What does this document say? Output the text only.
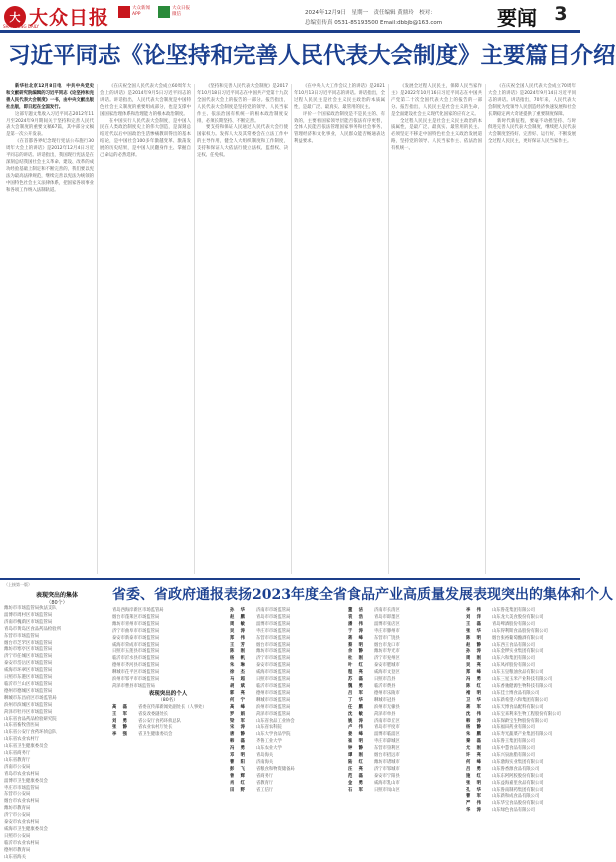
大 大众日报
SHANDONG DAILY
大众新闻 APP
大众日报 微信	2024年12月9日　星期一　责任编辑 黄鼎玲　校对：
总编室传真 0531-85193500 Email:dbbjb@163.com	要闻 3
习近平同志《论坚持和完善人民代表大会制度》主要篇目介绍

新华社北京12月8日电　中共中央党史和文献研究院编辑的习近平同志《论坚持和完善人民代表大会制度》一书，由中央文献出版社出版，即日起在全国发行。

这部专题文集收入习近平同志2012年11月至2024年9月期间关于坚持和完善人民代表大会制度的重要文稿67篇，其中部分文稿是第一次公开发表。

《在首都各界纪念现行宪法公布施行30周年大会上的讲话》是2012年12月4日习近平同志的讲话。讲话指出，我国现行宪法是在深刻总结我国社会主义革命、建设、改革的成功经验基础上制定和不断完善的，我们要以宪法为最高法律规范，继续完善以宪法为统领的中国特色社会主义法律体系，把国家各项事业和各项工作纳入法制轨道。

《在庆祝全国人民代表大会成立60周年大会上的讲话》是2014年9月5日习近平同志的讲话。讲话指出，人民代表大会制度是中国特色社会主义制度的重要组成部分，也是支撑中国国家治理体系和治理能力的根本政治制度。

在中国实行人民代表大会制度，是中国人民在人类政治制度史上的伟大创造，是深刻总结近代以后中国政治生活惨痛教训得出的基本结论，是中国社会100多年激越变革、激荡发展的历史结果，是中国人民翻身作主、掌握自己命运的必然选择。

《坚持和完善人民代表大会制度》是2017年10月18日习近平同志在中国共产党第十九次全国代表大会上的报告的一部分。报告指出，人民代表大会制度是坚持党的领导、人民当家作主、依法治国有机统一的根本政治制度安排，必须长期坚持、不断完善。

要支持和保证人民通过人民代表大会行使国家权力。发挥人大及其常委会在立法工作中的主导作用，健全人大组织制度和工作制度，支持和保证人大依法行使立法权、监督权、决定权、任免权。

《在中央人大工作会议上的讲话》是2021年10月13日习近平同志的讲话。讲话指出，全过程人民民主是社会主义民主政治的本质属性，是最广泛、最真实、最管用的民主。

评价一个国家政治制度是不是民主的、有效的，主要看国家领导层能否依法有序更替，全体人民能否依法管理国家事务和社会事务、管理经济和文化事业，人民群众能否畅通表达利益要求。

《发展全过程人民民主，保障人民当家作主》是2022年10月16日习近平同志在中国共产党第二十次全国代表大会上的报告的一部分。报告指出，人民民主是社会主义的生命，是全面建设社会主义现代化国家的应有之义。

全过程人民民主是社会主义民主政治的本质属性，是最广泛、最真实、最管用的民主。必须坚定不移走中国特色社会主义政治发展道路，坚持党的领导、人民当家作主、依法治国有机统一。

《在庆祝全国人民代表大会成立70周年大会上的讲话》是2024年9月14日习近平同志的讲话。讲话指出，70年来，人民代表大会制度为党领导人民创造经济快速发展和社会长期稳定两大奇迹提供了重要制度保障。

新时代新征程，要毫不动摇坚持、与时俱进完善人民代表大会制度，继续把人民代表大会制度坚持好、完善好、运行好，不断发展全过程人民民主，更好保证人民当家作主。

（上接第一版）
表现突出的集体
（80个）
潍坊市市场监管局执法支队
淄博市周村区市场监管局
济南市槐荫区市场监管局
青岛市黄岛区食品药品检验所
东营市市场监管局
烟台市芝罘区市场监管局
潍坊市寒亭区市场监管局
济宁市任城区市场监管局
泰安市岱岳区市场监管局
威海市环翠区市场监管局
日照市东港区市场监管局
临沂市兰山区市场监管局
德州市德城区市场监管局
聊城市东昌府区市场监管局
滨州市滨城区市场监管局
菏泽市牡丹区市场监管局
山东省食品药品检验研究院
山东省畜牧兽医局
山东省公安厅食药环侦总队
山东省农业农村厅
山东省卫生健康委员会
山东省商务厅
山东省教育厅
济南市公安局
青岛市农业农村局
淄博市卫生健康委员会
枣庄市市场监管局
东营市公安局
烟台市农业农村局
潍坊市教育局
济宁市公安局
泰安市农业农村局
威海市卫生健康委员会
日照市公安局
临沂市农业农村局
德州市教育局
山东省海关
省委、省政府通报表扬2023年度全省食品产业高质量发展表现突出的集体和个人
青岛西海岸新区市场监管局
烟台市蓬莱区市场监管局
潍坊市青州市市场监管局
济宁市曲阜市市场监管局
泰安市新泰市市场监管局
威海市荣成市市场监管局
日照市五莲县市场监管局
临沂市沂水县市场监管局
德州市齐河县市场监管局
聊城市茌平区市场监管局
滨州市邹平市市场监管局
菏泽市曹县市场监管局
表现突出的个人
（80名）
高　磊 省委宣传部新闻处副处长（人事处）
王　军 省发改委副处长
刘　勇 省公安厅食药环侦总队
张　静 省农业农村厅处长
李　强 省卫生健康委员会
孙　华 济南市市场监管局
赵　鹏 青岛市市场监管局
周　敏 淄博市市场监管局
吴　涛 枣庄市市场监管局
郑　伟 东营市市场监管局
王　芳 烟台市市场监管局
陈　刚 潍坊市市场监管局
杨　帆 济宁市市场监管局
朱　琳 泰安市市场监管局
徐　杰 威海市市场监管局
马　超 日照市市场监管局
胡　斌 临沂市市场监管局
郭　亮 德州市市场监管局
何　宁 聊城市市场监管局
高　峰 滨州市市场监管局
罗　娟 菏泽市市场监管局
梁　军 山东省食品工业协会
宋　涛 山东省农科院
唐　静 山东大学食品学院
韩　磊 齐鲁工业大学
冯　勇 山东农业大学
邓　明 青岛海关
曹　阳 济南海关
彭　飞 省粮食和物资储备局
曾　辉 省商务厅
肖　红 省教育厅
田　野 省工信厅
董　洁 济南市长清区
袁　浩 青岛市即墨区
潘　伟 淄博市张店区
于　涛 枣庄市滕州市
蒋　峰 东营市广饶县
蔡　明 烟台市龙口市
余　静 潍坊市寿光市
杜　刚 济宁市兖州区
叶　红 泰安市肥城市
程　亮 威海市文登区
苏　磊 日照市莒县
魏　勇 临沂市费县
吕　军 德州市乐陵市
丁　华 聊城市冠县
任　鹏 滨州市无棣县
沈　敏 菏泽市单县
姚　涛 济南市章丘区
卢　伟 青岛市平度市
姜　峰 淄博市临淄区
崔　明 枣庄市薛城区
钟　静 东营市垦利区
谭　刚 烟台市招远市
陆　红 潍坊市诸城市
汪　亮 济宁市邹城市
范　磊 泰安市宁阳县
金　勇 威海市乳山市
石　军 日照市岚山区
李　伟 山东鲁花集团有限公司
刘　洋 山东龙大美食股份有限公司
王　磊 青岛啤酒股份有限公司
张　华 山东得利斯食品股份有限公司
陈　明 烟台张裕葡萄酿酒有限公司
赵　静 山东西王食品有限公司
孙　涛 山东金锣实业集团有限公司
周　刚 山东六和集团有限公司
吴　亮 山东凤祥股份有限公司
郑　峰 山东玉皇粮油食品有限公司
冯　勇 山东三星玉米产业科技有限公司
陈　红 山东香驰健源生物科技有限公司
褚　明 山东佳士博食品有限公司
卫　华 山东新希望六和集团有限公司
蒋　军 山东天博食品配料有限公司
沈　伟 山东宝来利来生物工程股份有限公司
韩　涛 山东保龄宝生物股份有限公司
杨　静 山东福田药业有限公司
朱　鹏 山东寿光蔬菜产业集团有限公司
秦　磊 山东鲁王集团有限公司
尤　刚 山东中慧食品有限公司
许　亮 山东兴泉油脂有限公司
何　峰 山东渤海实业集团有限公司
吕　勇 山东鲁香源食品有限公司
施　红 山东东阿阿胶股份有限公司
张　明 山东益海嘉里食品有限公司
孔　华 山东鲁南制药集团有限公司
曹　军 山东新和成食品有限公司
严　伟 山东华宝食品股份有限公司
华　涛 山东绿色食品有限公司
